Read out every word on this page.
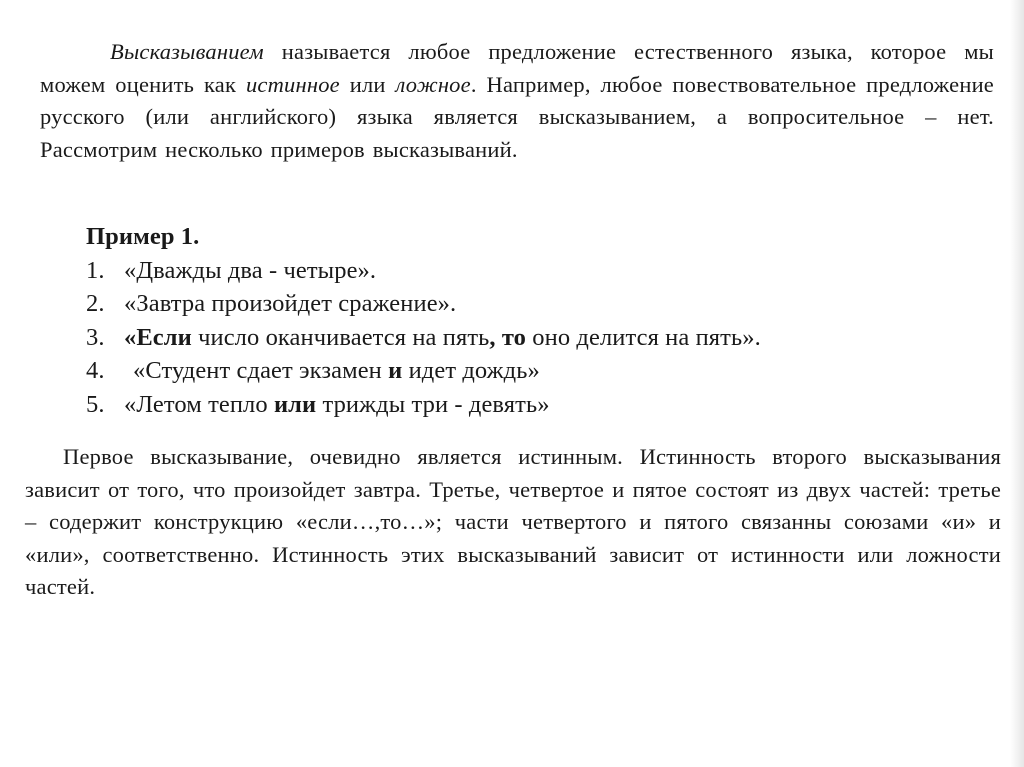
Высказыванием называется любое предложение естественного языка, которое мы можем оценить как истинное или ложное. Например, любое повествовательное предложение русского (или английского) языка является высказыванием, а вопросительное – нет. Рассмотрим несколько примеров высказываний.

Пример 1.

1. «Дважды два - четыре».
2. «Завтра произойдет сражение».
3. «Если число оканчивается на пять, то оно делится на пять».
4. «Студент сдает экзамен и идет дождь»
5. «Летом тепло или трижды три - девять»

Первое высказывание, очевидно является истинным. Истинность второго высказывания зависит от того, что произойдет завтра. Третье, четвертое и пятое состоят из двух частей: третье – содержит конструкцию «если…,то…»; части четвертого и пятого связанны союзами «и» и «или», соответственно. Истинность этих высказываний зависит от истинности или ложности частей.
